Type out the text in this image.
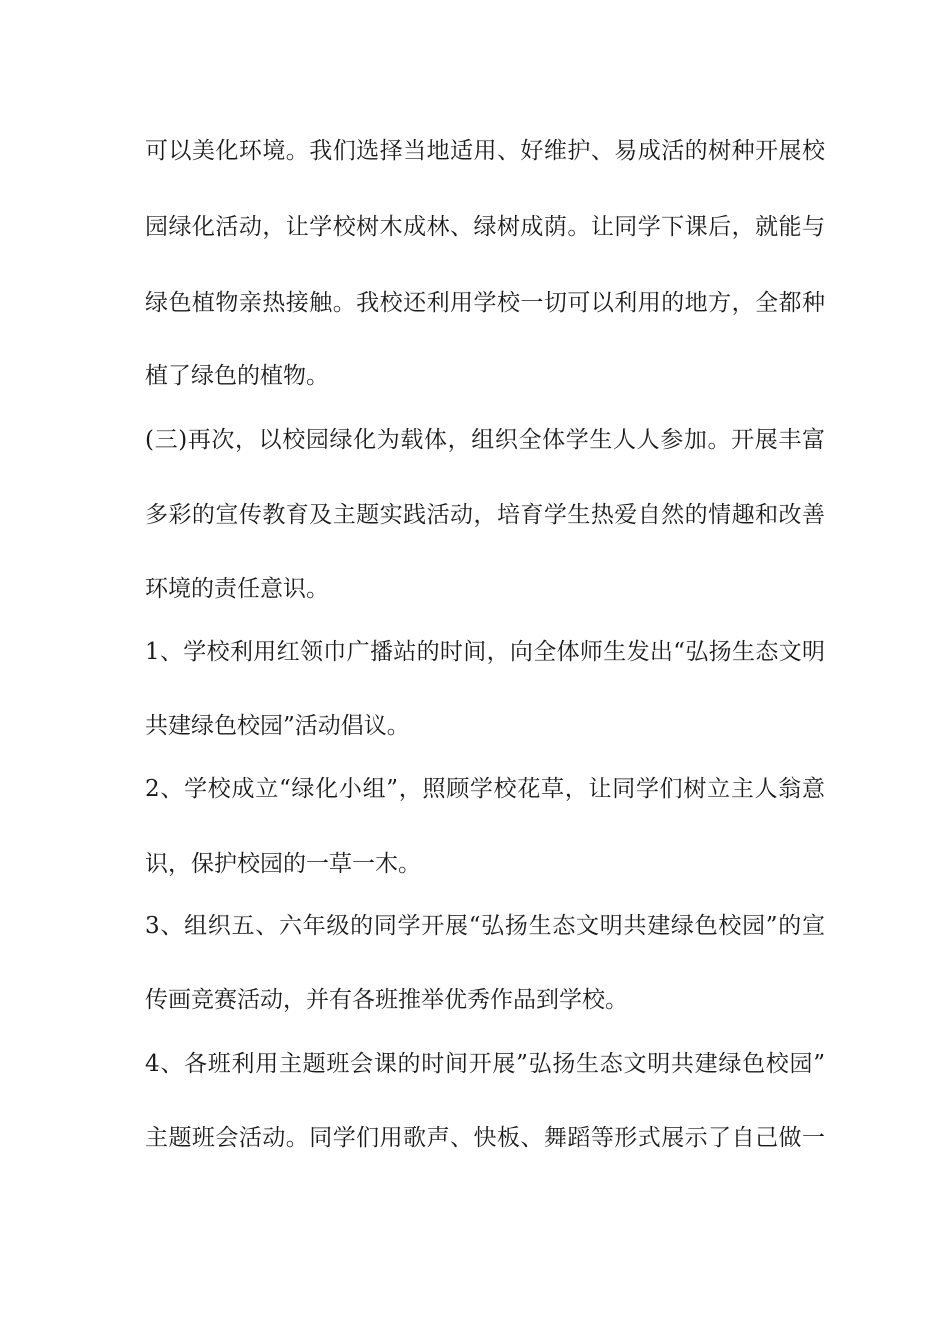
可以美化环境。我们选择当地适用、好维护、易成活的树种开展校

园绿化活动，让学校树木成林、绿树成荫。让同学下课后，就能与

绿色植物亲热接触。我校还利用学校一切可以利用的地方，全都种

植了绿色的植物。

(三)再次，以校园绿化为载体，组织全体学生人人参加。开展丰富

多彩的宣传教育及主题实践活动，培育学生热爱自然的情趣和改善

环境的责任意识。

1、学校利用红领巾广播站的时间，向全体师生发出“弘扬生态文明

共建绿色校园”活动倡议。

2、学校成立“绿化小组”，照顾学校花草，让同学们树立主人翁意

识，保护校园的一草一木。

3、组织五、六年级的同学开展“弘扬生态文明共建绿色校园”的宣

传画竞赛活动，并有各班推举优秀作品到学校。

4、各班利用主题班会课的时间开展”弘扬生态文明共建绿色校园”

主题班会活动。同学们用歌声、快板、舞蹈等形式展示了自己做一
